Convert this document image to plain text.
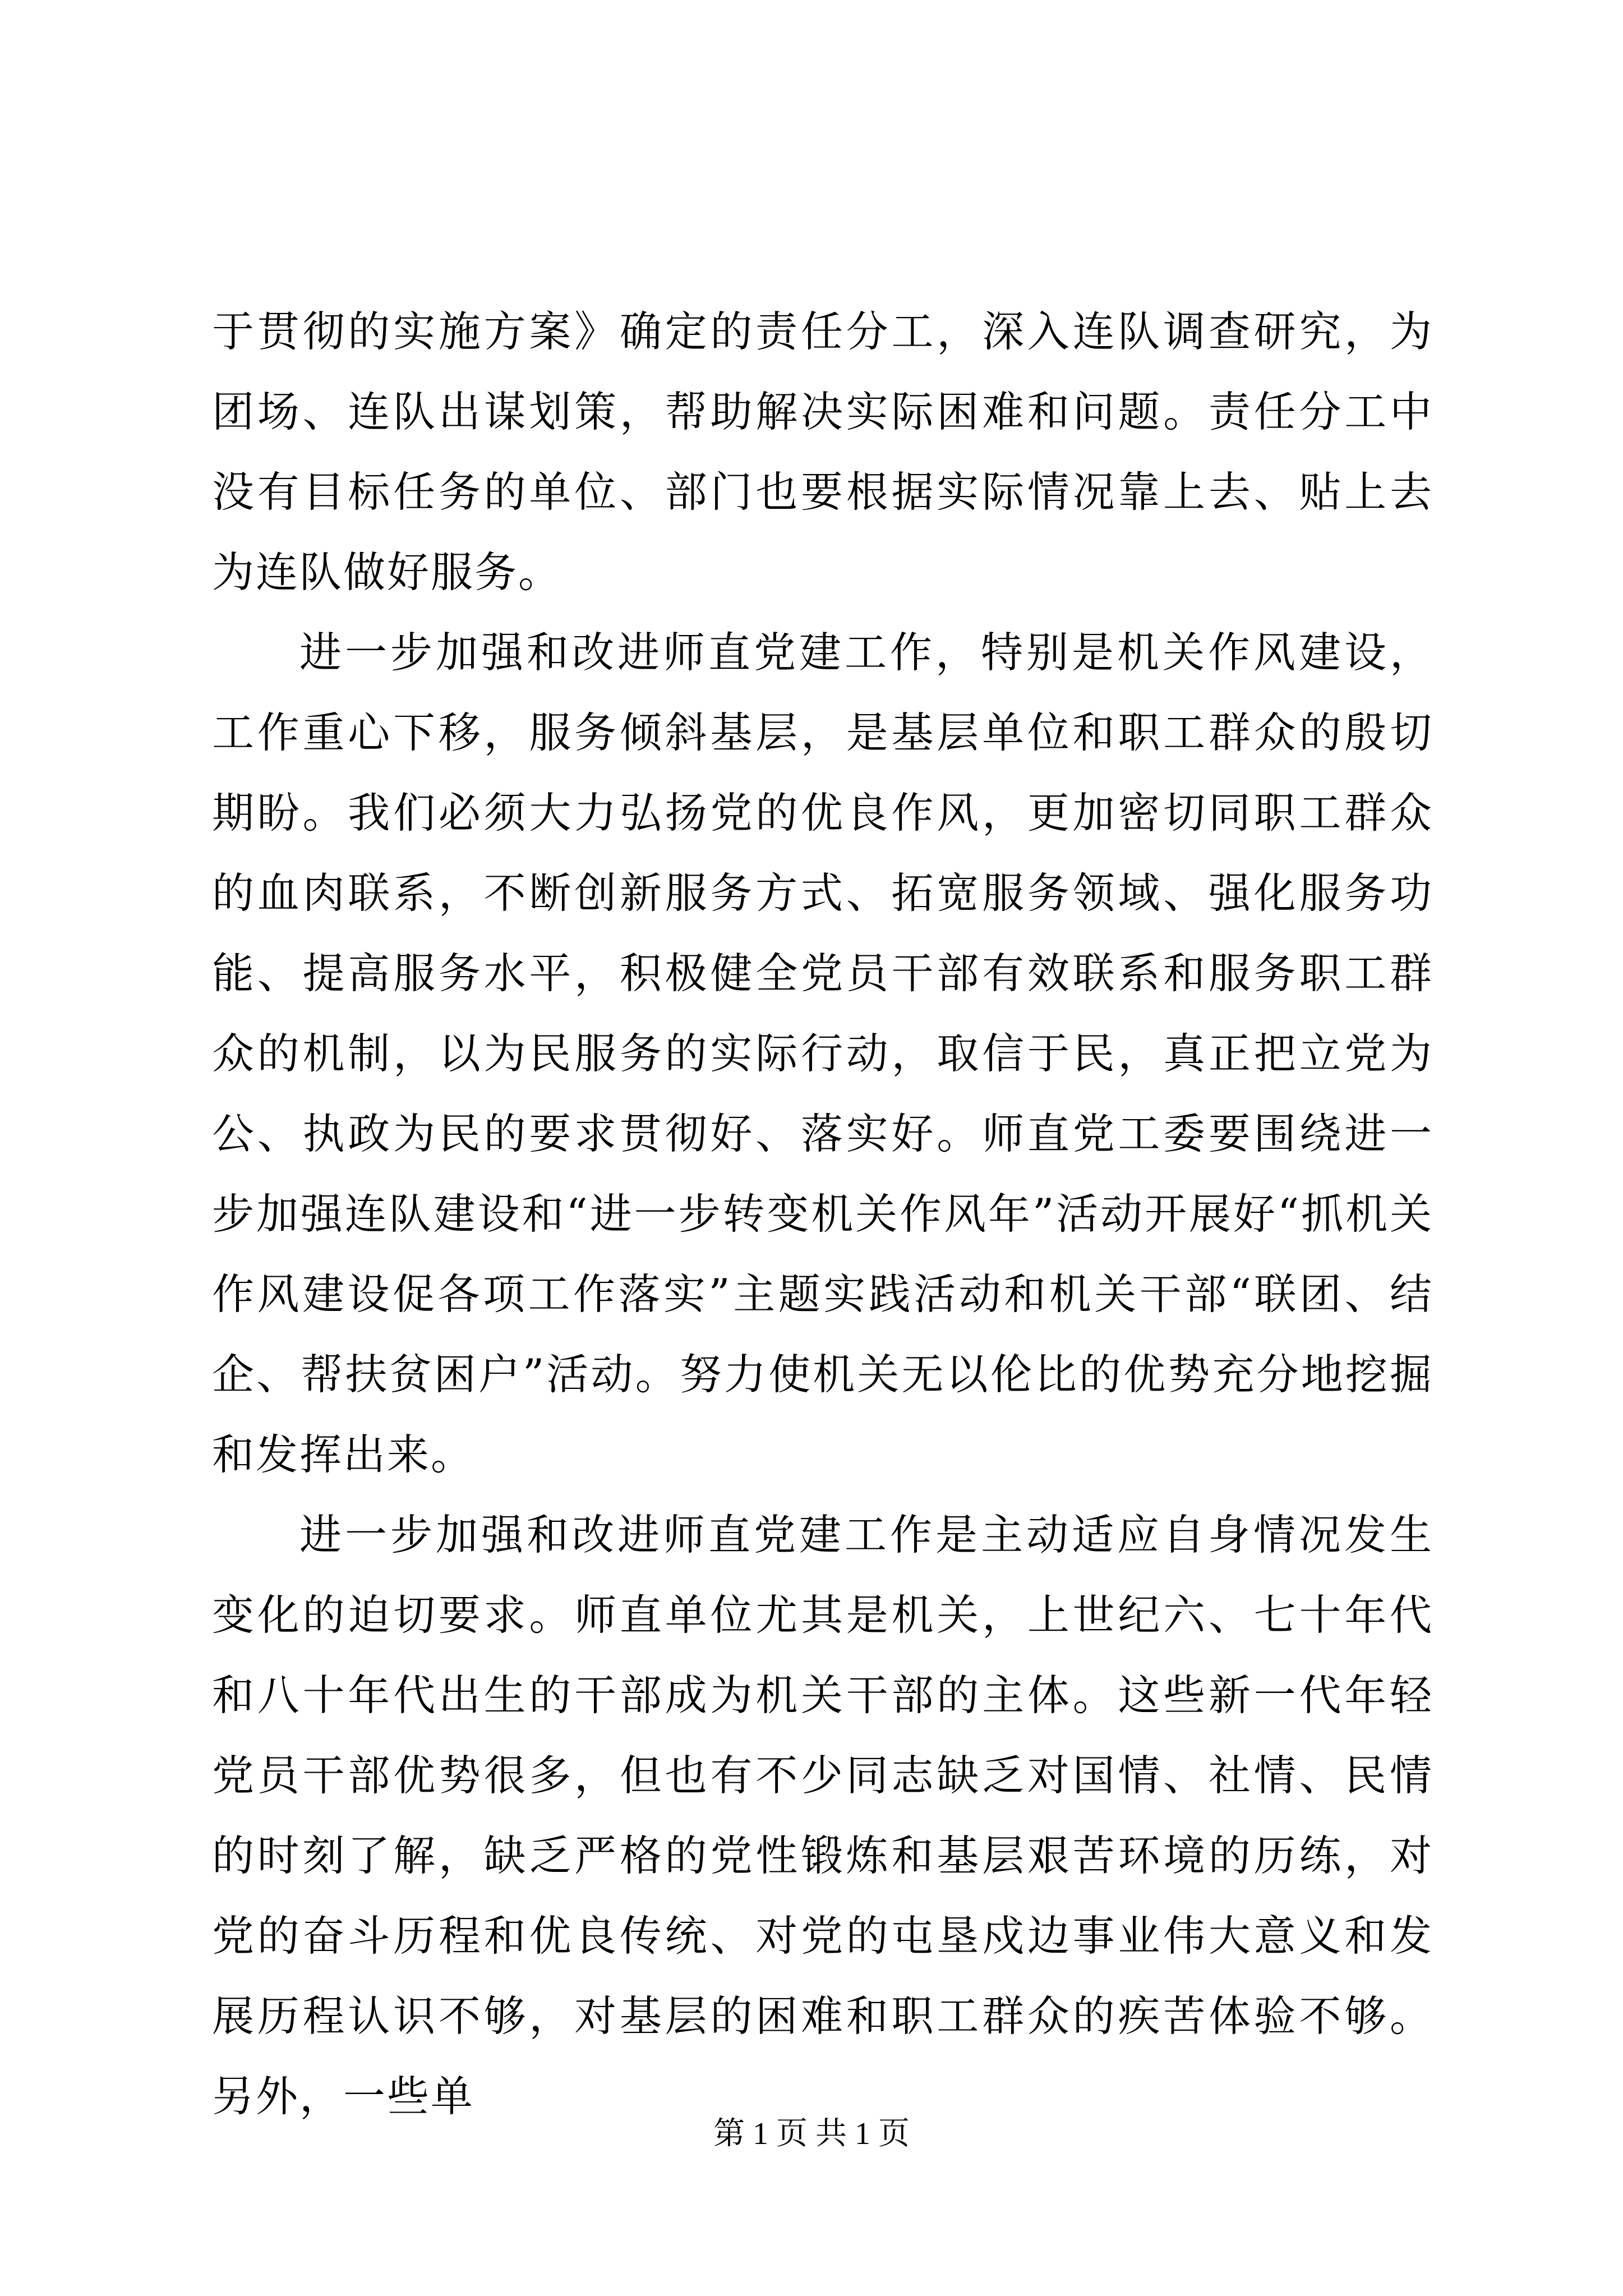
于贯彻的实施方案》确定的责任分工，深入连队调查研究，为团场、连队出谋划策，帮助解决实际困难和问题。责任分工中没有目标任务的单位、部门也要根据实际情况靠上去、贴上去为连队做好服务。

进一步加强和改进师直党建工作，特别是机关作风建设，工作重心下移，服务倾斜基层，是基层单位和职工群众的殷切期盼。我们必须大力弘扬党的优良作风，更加密切同职工群众的血肉联系，不断创新服务方式、拓宽服务领域、强化服务功能、提高服务水平，积极健全党员干部有效联系和服务职工群众的机制，以为民服务的实际行动，取信于民，真正把立党为公、执政为民的要求贯彻好、落实好。师直党工委要围绕进一步加强连队建设和“进一步转变机关作风年”活动开展好“抓机关作风建设促各项工作落实”主题实践活动和机关干部“联团、结企、帮扶贫困户”活动。努力使机关无以伦比的优势充分地挖掘和发挥出来。

进一步加强和改进师直党建工作是主动适应自身情况发生变化的迫切要求。师直单位尤其是机关，上世纪六、七十年代和八十年代出生的干部成为机关干部的主体。这些新一代年轻党员干部优势很多，但也有不少同志缺乏对国情、社情、民情的时刻了解，缺乏严格的党性锻炼和基层艰苦环境的历练，对党的奋斗历程和优良传统、对党的屯垦戍边事业伟大意义和发展历程认识不够，对基层的困难和职工群众的疾苦体验不够。另外，一些单

第 1 页 共 1 页
